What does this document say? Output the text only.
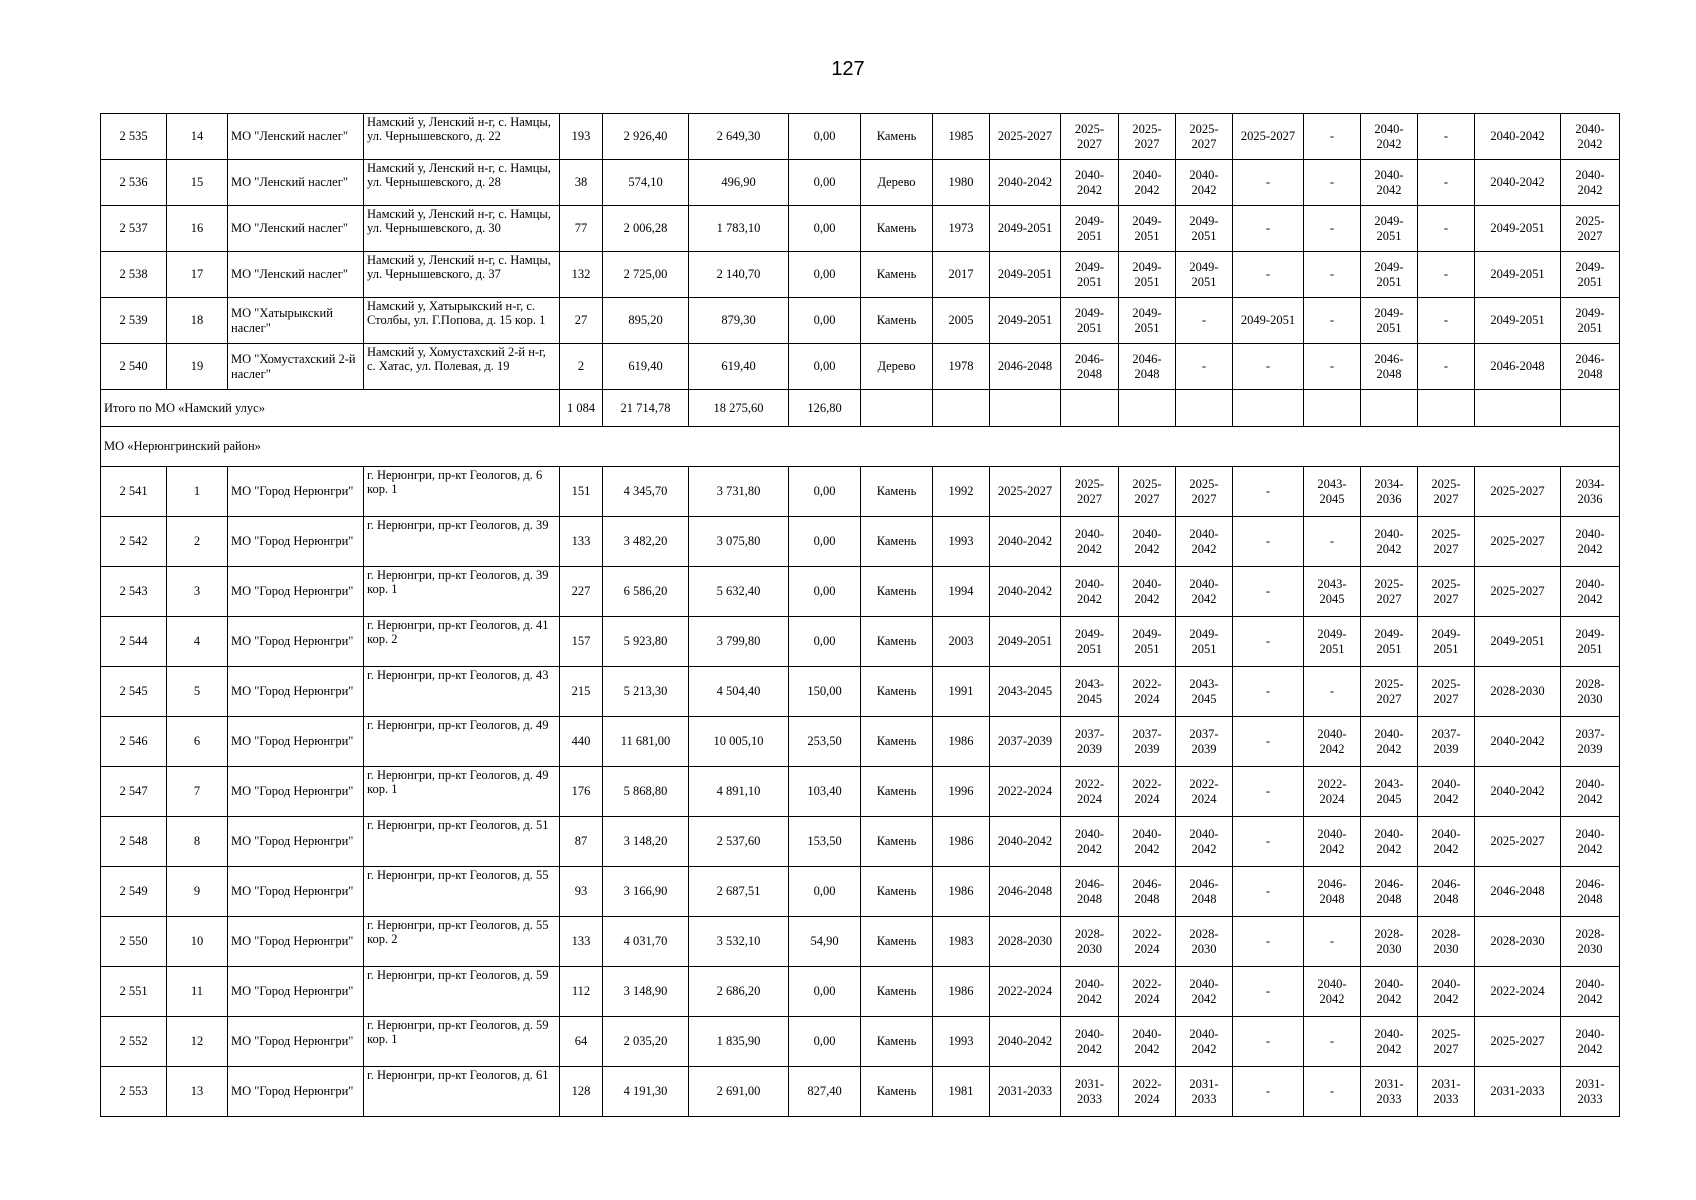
127
2 535	14	МО "Ленский наслег"	Намский у, Ленский н-г, с. Намцы, ул. Чернышевского, д. 22	193	2 926,40	2 649,30	0,00	Камень	1985	2025-2027	2025-2027	2025-2027	2025-2027	2025-2027	-	2040-2042	-	2040-2042	2040-2042
2 536	15	МО "Ленский наслег"	Намский у, Ленский н-г, с. Намцы, ул. Чернышевского, д. 28	38	574,10	496,90	0,00	Дерево	1980	2040-2042	2040-2042	2040-2042	2040-2042	-	-	2040-2042	-	2040-2042	2040-2042
2 537	16	МО "Ленский наслег"	Намский у, Ленский н-г, с. Намцы, ул. Чернышевского, д. 30	77	2 006,28	1 783,10	0,00	Камень	1973	2049-2051	2049-2051	2049-2051	2049-2051	-	-	2049-2051	-	2049-2051	2025-2027
2 538	17	МО "Ленский наслег"	Намский у, Ленский н-г, с. Намцы, ул. Чернышевского, д. 37	132	2 725,00	2 140,70	0,00	Камень	2017	2049-2051	2049-2051	2049-2051	2049-2051	-	-	2049-2051	-	2049-2051	2049-2051
2 539	18	МО "Хатырыкский наслег"	Намский у, Хатырыкский н-г, с. Столбы, ул. Г.Попова, д. 15 кор. 1	27	895,20	879,30	0,00	Камень	2005	2049-2051	2049-2051	2049-2051	-	2049-2051	-	2049-2051	-	2049-2051	2049-2051
2 540	19	МО "Хомустахский 2-й наслег"	Намский у, Хомустахский 2-й н-г, с. Хатас, ул. Полевая, д. 19	2	619,40	619,40	0,00	Дерево	1978	2046-2048	2046-2048	2046-2048	-	-	-	2046-2048	-	2046-2048	2046-2048
Итого по МО «Намский улус»				1 084	21 714,78	18 275,60	126,80												
МО «Нерюнгринский район»																			
2 541	1	МО "Город Нерюнгри"	г. Нерюнгри, пр-кт Геологов, д. 6 кор. 1	151	4 345,70	3 731,80	0,00	Камень	1992	2025-2027	2025-2027	2025-2027	2025-2027	-	2043-2045	2034-2036	2025-2027	2025-2027	2034-2036
2 542	2	МО "Город Нерюнгри"	г. Нерюнгри, пр-кт Геологов, д. 39	133	3 482,20	3 075,80	0,00	Камень	1993	2040-2042	2040-2042	2040-2042	2040-2042	-	-	2040-2042	2025-2027	2025-2027	2040-2042
2 543	3	МО "Город Нерюнгри"	г. Нерюнгри, пр-кт Геологов, д. 39 кор. 1	227	6 586,20	5 632,40	0,00	Камень	1994	2040-2042	2040-2042	2040-2042	2040-2042	-	2043-2045	2025-2027	2025-2027	2025-2027	2040-2042
2 544	4	МО "Город Нерюнгри"	г. Нерюнгри, пр-кт Геологов, д. 41 кор. 2	157	5 923,80	3 799,80	0,00	Камень	2003	2049-2051	2049-2051	2049-2051	2049-2051	-	2049-2051	2049-2051	2049-2051	2049-2051	2049-2051
2 545	5	МО "Город Нерюнгри"	г. Нерюнгри, пр-кт Геологов, д. 43	215	5 213,30	4 504,40	150,00	Камень	1991	2043-2045	2043-2045	2022-2024	2043-2045	-	-	2025-2027	2025-2027	2028-2030	2028-2030
2 546	6	МО "Город Нерюнгри"	г. Нерюнгри, пр-кт Геологов, д. 49	440	11 681,00	10 005,10	253,50	Камень	1986	2037-2039	2037-2039	2037-2039	2037-2039	-	2040-2042	2040-2042	2037-2039	2040-2042	2037-2039
2 547	7	МО "Город Нерюнгри"	г. Нерюнгри, пр-кт Геологов, д. 49 кор. 1	176	5 868,80	4 891,10	103,40	Камень	1996	2022-2024	2022-2024	2022-2024	2022-2024	-	2022-2024	2043-2045	2040-2042	2040-2042	2040-2042
2 548	8	МО "Город Нерюнгри"	г. Нерюнгри, пр-кт Геологов, д. 51	87	3 148,20	2 537,60	153,50	Камень	1986	2040-2042	2040-2042	2040-2042	2040-2042	-	2040-2042	2040-2042	2040-2042	2025-2027	2040-2042
2 549	9	МО "Город Нерюнгри"	г. Нерюнгри, пр-кт Геологов, д. 55	93	3 166,90	2 687,51	0,00	Камень	1986	2046-2048	2046-2048	2046-2048	2046-2048	-	2046-2048	2046-2048	2046-2048	2046-2048	2046-2048
2 550	10	МО "Город Нерюнгри"	г. Нерюнгри, пр-кт Геологов, д. 55 кор. 2	133	4 031,70	3 532,10	54,90	Камень	1983	2028-2030	2028-2030	2022-2024	2028-2030	-	-	2028-2030	2028-2030	2028-2030	2028-2030
2 551	11	МО "Город Нерюнгри"	г. Нерюнгри, пр-кт Геологов, д. 59	112	3 148,90	2 686,20	0,00	Камень	1986	2022-2024	2040-2042	2022-2024	2040-2042	-	2040-2042	2040-2042	2040-2042	2022-2024	2040-2042
2 552	12	МО "Город Нерюнгри"	г. Нерюнгри, пр-кт Геологов, д. 59 кор. 1	64	2 035,20	1 835,90	0,00	Камень	1993	2040-2042	2040-2042	2040-2042	2040-2042	-	-	2040-2042	2025-2027	2025-2027	2040-2042
2 553	13	МО "Город Нерюнгри"	г. Нерюнгри, пр-кт Геологов, д. 61	128	4 191,30	2 691,00	827,40	Камень	1981	2031-2033	2031-2033	2022-2024	2031-2033	-	-	2031-2033	2031-2033	2031-2033	2031-2033
